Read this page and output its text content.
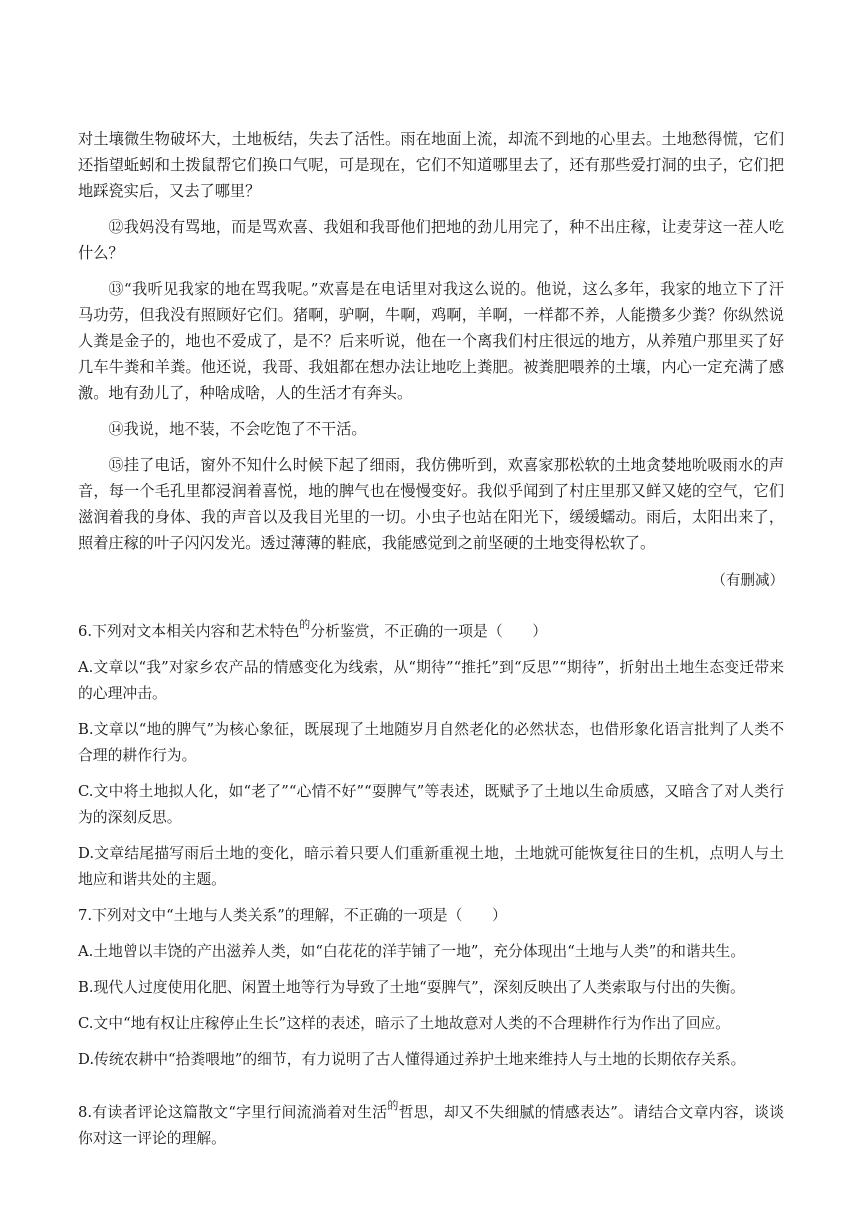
对土壤微生物破坏大，土地板结，失去了活性。雨在地面上流，却流不到地的心里去。土地愁得慌，它们还指望蚯蚓和土拨鼠帮它们换口气呢，可是现在，它们不知道哪里去了，还有那些爱打洞的虫子，它们把地踩瓷实后，又去了哪里？

⑫我妈没有骂地，而是骂欢喜、我姐和我哥他们把地的劲儿用完了，种不出庄稼，让麦芽这一茬人吃什么？

⑬“我听见我家的地在骂我呢。”欢喜是在电话里对我这么说的。他说，这么多年，我家的地立下了汗马功劳，但我没有照顾好它们。猪啊，驴啊，牛啊，鸡啊，羊啊，一样都不养，人能攒多少粪？你纵然说人粪是金子的，地也不爱成了，是不？后来听说，他在一个离我们村庄很远的地方，从养殖户那里买了好几车牛粪和羊粪。他还说，我哥、我姐都在想办法让地吃上粪肥。被粪肥喂养的土壤，内心一定充满了感激。地有劲儿了，种啥成啥，人的生活才有奔头。

⑭我说，地不装，不会吃饱了不干活。

⑮挂了电话，窗外不知什么时候下起了细雨，我仿佛听到，欢喜家那松软的土地贪婪地吮吸雨水的声音，每一个毛孔里都浸润着喜悦，地的脾气也在慢慢变好。我似乎闻到了村庄里那又鲜又姥的空气，它们滋润着我的身体、我的声音以及我目光里的一切。小虫子也站在阳光下，缓缓蠕动。雨后，太阳出来了，照着庄稼的叶子闪闪发光。透过薄薄的鞋底，我能感觉到之前坚硬的土地变得松软了。

（有删减）

6.下列对文本相关内容和艺术特色$^的$分析鉴赏，不正确的一项是（　　）

A.文章以“我”对家乡农产品的情感变化为线索，从“期待”“推托”到“反思”“期待”，折射出土地生态变迁带来的心理冲击。

B.文章以“地的脾气”为核心象征，既展现了土地随岁月自然老化的必然状态，也借形象化语言批判了人类不合理的耕作行为。

C.文中将土地拟人化，如“老了”“心情不好”“耍脾气”等表述，既赋予了土地以生命质感，又暗含了对人类行为的深刻反思。

D.文章结尾描写雨后土地的变化，暗示着只要人们重新重视土地，土地就可能恢复往日的生机，点明人与土地应和谐共处的主题。

7.下列对文中“土地与人类关系”的理解，不正确的一项是（　　）

A.土地曾以丰饶的产出滋养人类，如“白花花的洋芋铺了一地”，充分体现出“土地与人类”的和谐共生。

B.现代人过度使用化肥、闲置土地等行为导致了土地“耍脾气”，深刻反映出了人类索取与付出的失衡。

C.文中“地有权让庄稼停止生长”这样的表述，暗示了土地故意对人类的不合理耕作行为作出了回应。

D.传统农耕中“拾粪喂地”的细节，有力说明了古人懂得通过养护土地来维持人与土地的长期依存关系。

8.有读者评论这篇散文“字里行间流淌着对生活$^的$哲思，却又不失细腻的情感表达”。请结合文章内容，谈谈你对这一评论的理解。
